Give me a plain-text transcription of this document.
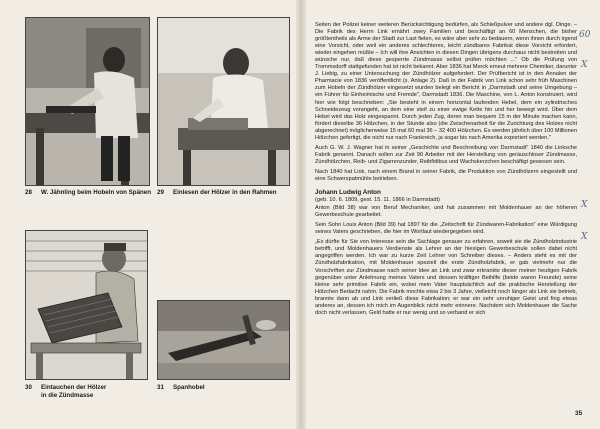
28 W. Jähnling beim Hobeln von Spänen 29 Einlesen der Hölzer in den Rahmen
30 Eintauchen der Hölzer
in die Zündmasse
31 Spanhobel

Seiten der Polizei keiner weiteren Berücksichtigung bedürfen, als Schießpulver und andere dgl. Dinge. – Die Fabrik des Herrn Link ernährt zwey Familien und beschäftigt an 60 Menschen, die bisher größtentheils als Arme der Stadt zur Last fielen, es wäre aber sehr zu bedauern, wenn ihnen durch irgend eine Vorsicht, oder weil ein anderes schlechteres, leicht zündbares Fabrikat diese Vorsicht erfordert, wieder eingehen müßte – Ich will ihre Ansichten in diesen Dingen übrigens durchaus nicht bestreiten und wünsche nur, daß diese gesperrte Zündmasse selbst prüfen möchten ..." Ob die Prüfung von Trommsdorff stattgefunden hat ist nicht bekannt. Aber 1836 hat Merck erneut mehrere Chemiker, darunter J. Liebig, zu einer Untersuchung der Zündhölzer aufgefordert. Der Prüfbericht ist in den Annalen der Pharmacie von 1836 veröffentlicht (s. Anlage 2). Daß in der Fabrik von Link schon sehr früh Maschinen zum Hobeln der Zündhölzer eingesetzt wurden belegt ein Bericht in „Darmstadt und seine Umgebung – ein Führer für Einheimische und Fremde", Darmstadt 1836. Die Maschine, von L. Anton konstruiert, wird hier wie folgt beschrieben: „Sie besteht in einem horizontal laufenden Hebel, dem ein zylindrisches Schneidezeug vorangeht, an dem eine steif zu einer ewige Kette hin und her bewegt wird. Über dem Hebel wird das Holz eingespannt. Durch jeden Zug, deren man bequem 15 in der Minute machen kann, fördert dieselbe 36 Hölzchen, in der Stunde also (die Zwischenarbeit für die Zurichtung des Holzes nicht abgerechnet) möglicherweise 15 mal 60 mal 36 – 32 400 Hölzchen. Es werden jährlich über 100 Millionen Hölzchen gefertigt, die nicht nur nach Frankreich, ja sogar bis nach Amerika exportiert werden."

Auch G. W. J. Wagner hat in seiner „Geschichte und Beschreibung von Darmstadt" 1840 die Linksche Fabrik genannt. Danach sollen zur Zeit 90 Arbeiter mit der Herstellung von geräuschloser Zündmasse, Zündhölzchen, Reib- und Zigarrenzunder, Reibfidibus und Wachskerzchen beschäftigt gewesen sein.

Nach 1840 hat Link, nach einem Brand in seiner Fabrik, die Produktion von Zündhölzern eingestellt und eine Schwerspatmühle betrieben.

Johann Ludwig Anton

(geb. 10. 6. 1809, gest. 15. 11. 1866 in Darmstadt)

Anton (Bild 38) war von Beruf Mechaniker, und hat zusammen mit Moldenhauer an der höheren Gewerbeschule gearbeitet.

Sein Sohn Louis Anton (Bild 39) hat 1897 für die „Zeitschrift für Zündwaren-Fabrikation" eine Würdigung seines Vaters geschrieben, die hier im Wortlaut wiedergegeben wird.

„Es dürfte für Sie von Interesse sein die Sachlage genauer zu erfahren, soweit sie die Zündholzindustrie betrifft, und Moldenhauers Verdienste als Lehrer an der hiesigen Gewerbeschule sollen dabei nicht angegriffen werden. Ich war zu kurze Zeit Lehrer von Schreiber dieses. – Anders steht es mit der Zündholzfabrikation, mit Moldenhauer speziell die erste Zündholzfabrik, er gab vielmehr nur die Vorschriften zur Zündmasse nach seiner Idee an Link und zwar erkrankte dieser meiner heutigen Fabrik gegenüber unter Anlehnung meines Vaters und dessen kräftiger Beihilfe (beide waren Freunde) seine kleine sehr primitive Fabrik ein, wobei mein Vater hauptsächlich auf die praktische Herstellung der Hölzchen Bedacht nahm. Die Fabrik mochte etwa 2 bis 3 Jahre, vielleicht noch länger als Link sie betrieb, brannte dann ab und Link verließ diese Fabrikation; er war ein sehr unruhiger Geist und fing etwas anderes an, dessen ich mich im Augenblick nicht mehr erinnere. Nachdem sich Moldenhauer die Sache doch nicht verlassen, Geld hatte er nur wenig und so verband er sich

35
60
X
X
X
